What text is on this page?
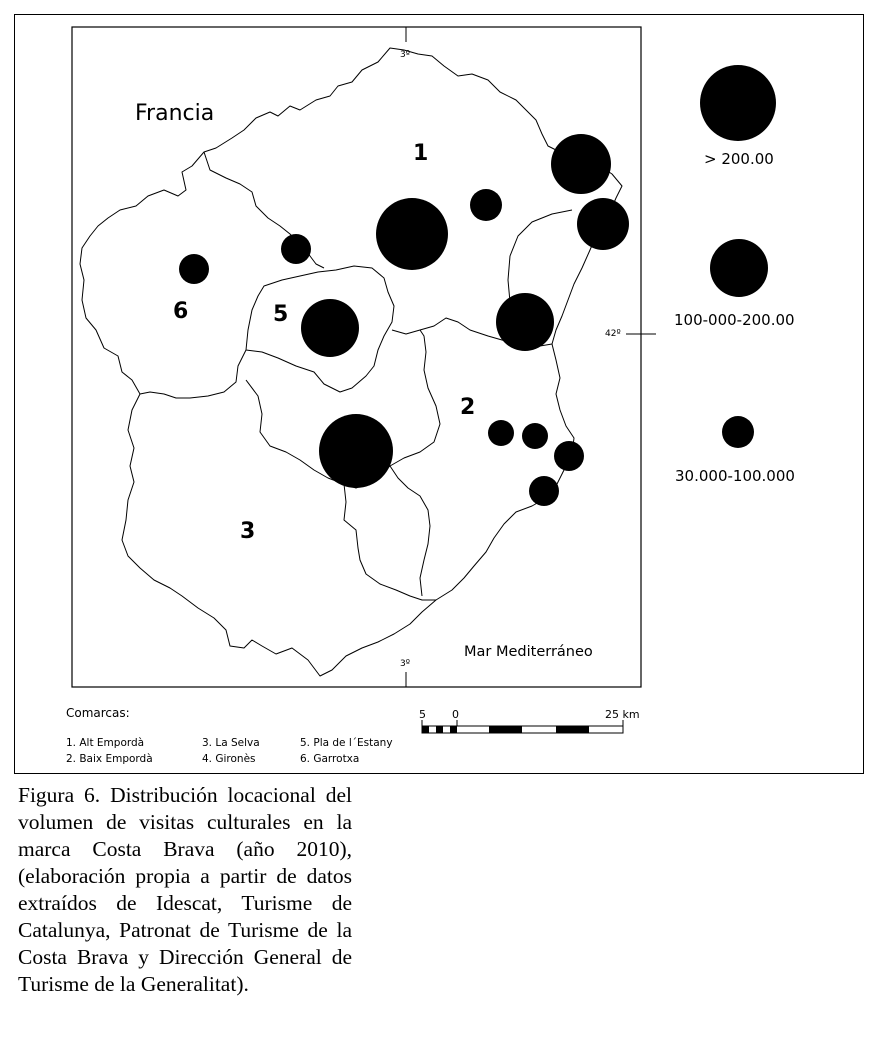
Francia
Mar Mediterráneo
3º
3º
42º
1
2
3
5
6
> 200.00
100-000-200.00
30.000-100.000
Comarcas:
1. Alt Empordà
2. Baix Empordà
3. La Selva
4. Gironès
5. Pla de l´Estany
6. Garrotxa
5 0	25 km
Figura 6. Distribución locacional del volumen de visitas culturales en la marca Costa Brava (año 2010), (elaboración propia a partir de datos extraídos de Idescat, Turisme de Catalunya, Patronat de Turisme de la Costa Brava y Dirección General de Turisme de la Generalitat).
